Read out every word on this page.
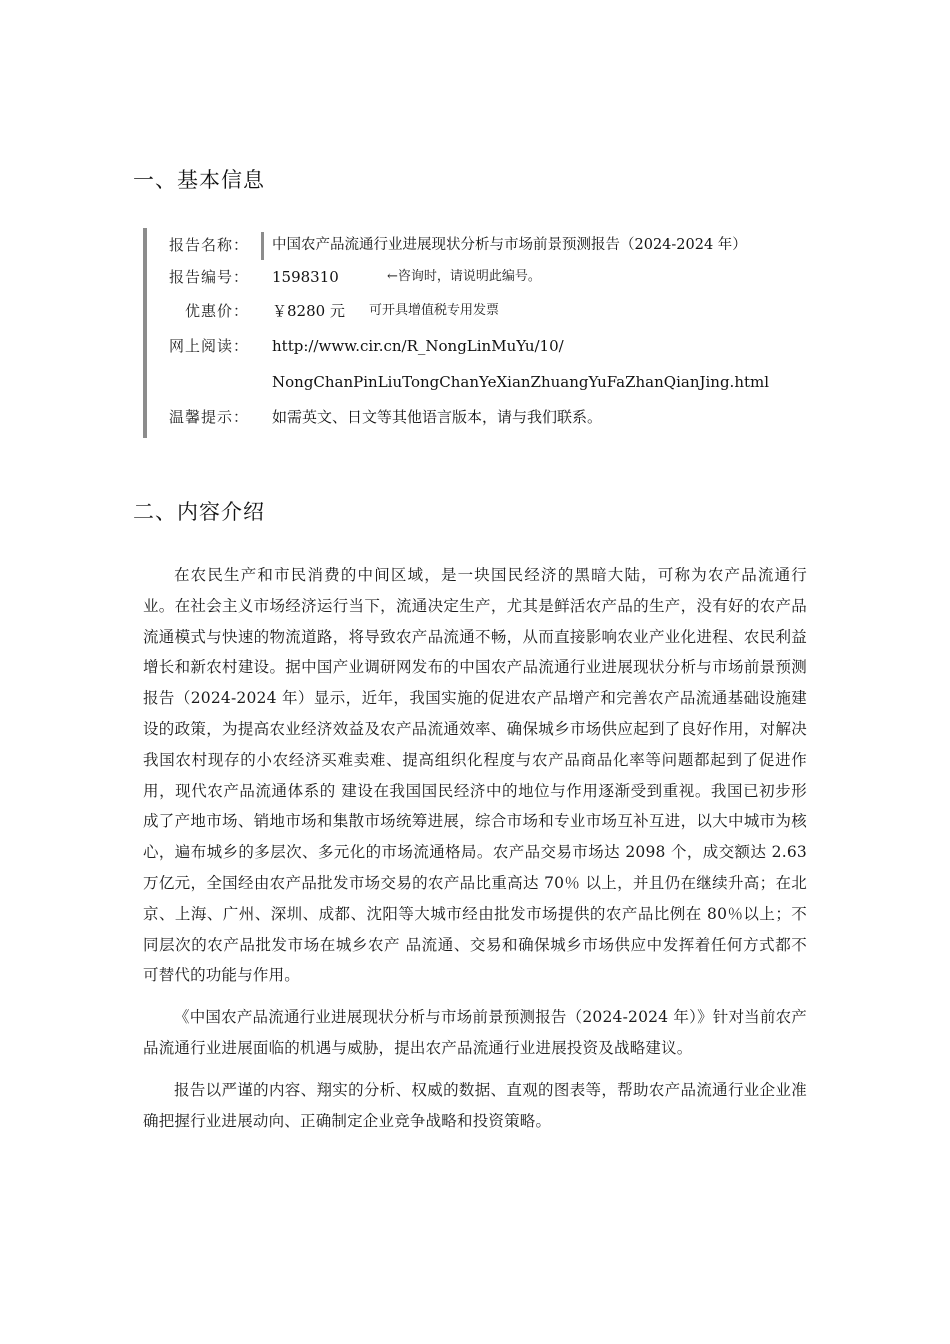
一、基本信息
报告名称： 中国农产品流通行业进展现状分析与市场前景预测报告（2024-2024 年）
报告编号： 1598310	←咨询时，请说明此编号。
优惠价： ￥8280 元 可开具增值税专用发票
网上阅读： http://www.cir.cn/R_NongLinMuYu/10/
NongChanPinLiuTongChanYeXianZhuangYuFaZhanQianJing.html
温馨提示： 如需英文、日文等其他语言版本，请与我们联系。
二、内容介绍

在农民生产和市民消费的中间区域，是一块国民经济的黑暗大陆，可称为农产品流通行 业。在社会主义市场经济运行当下，流通决定生产，尤其是鲜活农产品的生产，没有好的农产品流通模式与快速的物流道路，将导致农产品流通不畅，从而直接影响农业产业化进程、农民利益增长和新农村建设。据中国产业调研网发布的中国农产品流通行业进展现状分析与市场前景预测报告（2024-2024 年）显示，近年，我国实施的促进农产品增产和完善农产品流通基础设施建设的政策，为提高农业经济效益及农产品流通效率、确保城乡市场供应起到了良好作用，对解决我国农村现存的小农经济买难卖难、提高组织化程度与农产品商品化率等问题都起到了促进作用，现代农产品流通体系的 建设在我国国民经济中的地位与作用逐渐受到重视。我国已初步形成了产地市场、销地市场和集散市场统筹进展，综合市场和专业市场互补互进，以大中城市为核 心，遍布城乡的多层次、多元化的市场流通格局。农产品交易市场达 2098 个，成交额达 2.63 万亿元，全国经由农产品批发市场交易的农产品比重高达 70％ 以上，并且仍在继续升高；在北京、上海、广州、深圳、成都、沈阳等大城市经由批发市场提供的农产品比例在 80％以上；不同层次的农产品批发市场在城乡农产 品流通、交易和确保城乡市场供应中发挥着任何方式都不可替代的功能与作用。

《中国农产品流通行业进展现状分析与市场前景预测报告（2024-2024 年）》针对当前农产品流通行业进展面临的机遇与威胁，提出农产品流通行业进展投资及战略建议。

报告以严谨的内容、翔实的分析、权威的数据、直观的图表等，帮助农产品流通行业企业准确把握行业进展动向、正确制定企业竞争战略和投资策略。
